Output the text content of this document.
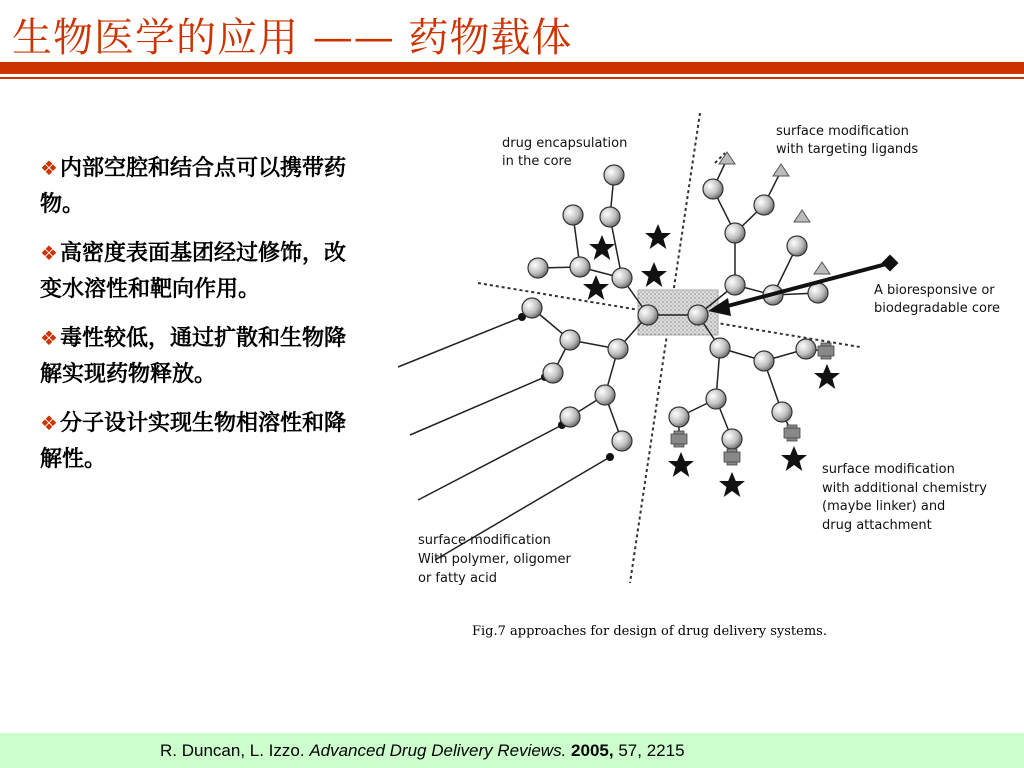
生物医学的应用 —— 药物载体
❖内部空腔和结合点可以携带药物。
❖高密度表面基团经过修饰，改变水溶性和靶向作用。
❖毒性较低，通过扩散和生物降解实现药物释放。
❖分子设计实现生物相溶性和降解性。
drug encapsulation in the core
surface modification with targeting ligands
A bioresponsive or biodegradable core
surface modification with additional chemistry (maybe linker) and drug attachment
surface modification With polymer, oligomer or fatty acid
Fig.7 approaches for design of drug delivery systems.
R. Duncan, L. Izzo. Advanced Drug Delivery Reviews. 2005, 57, 2215
